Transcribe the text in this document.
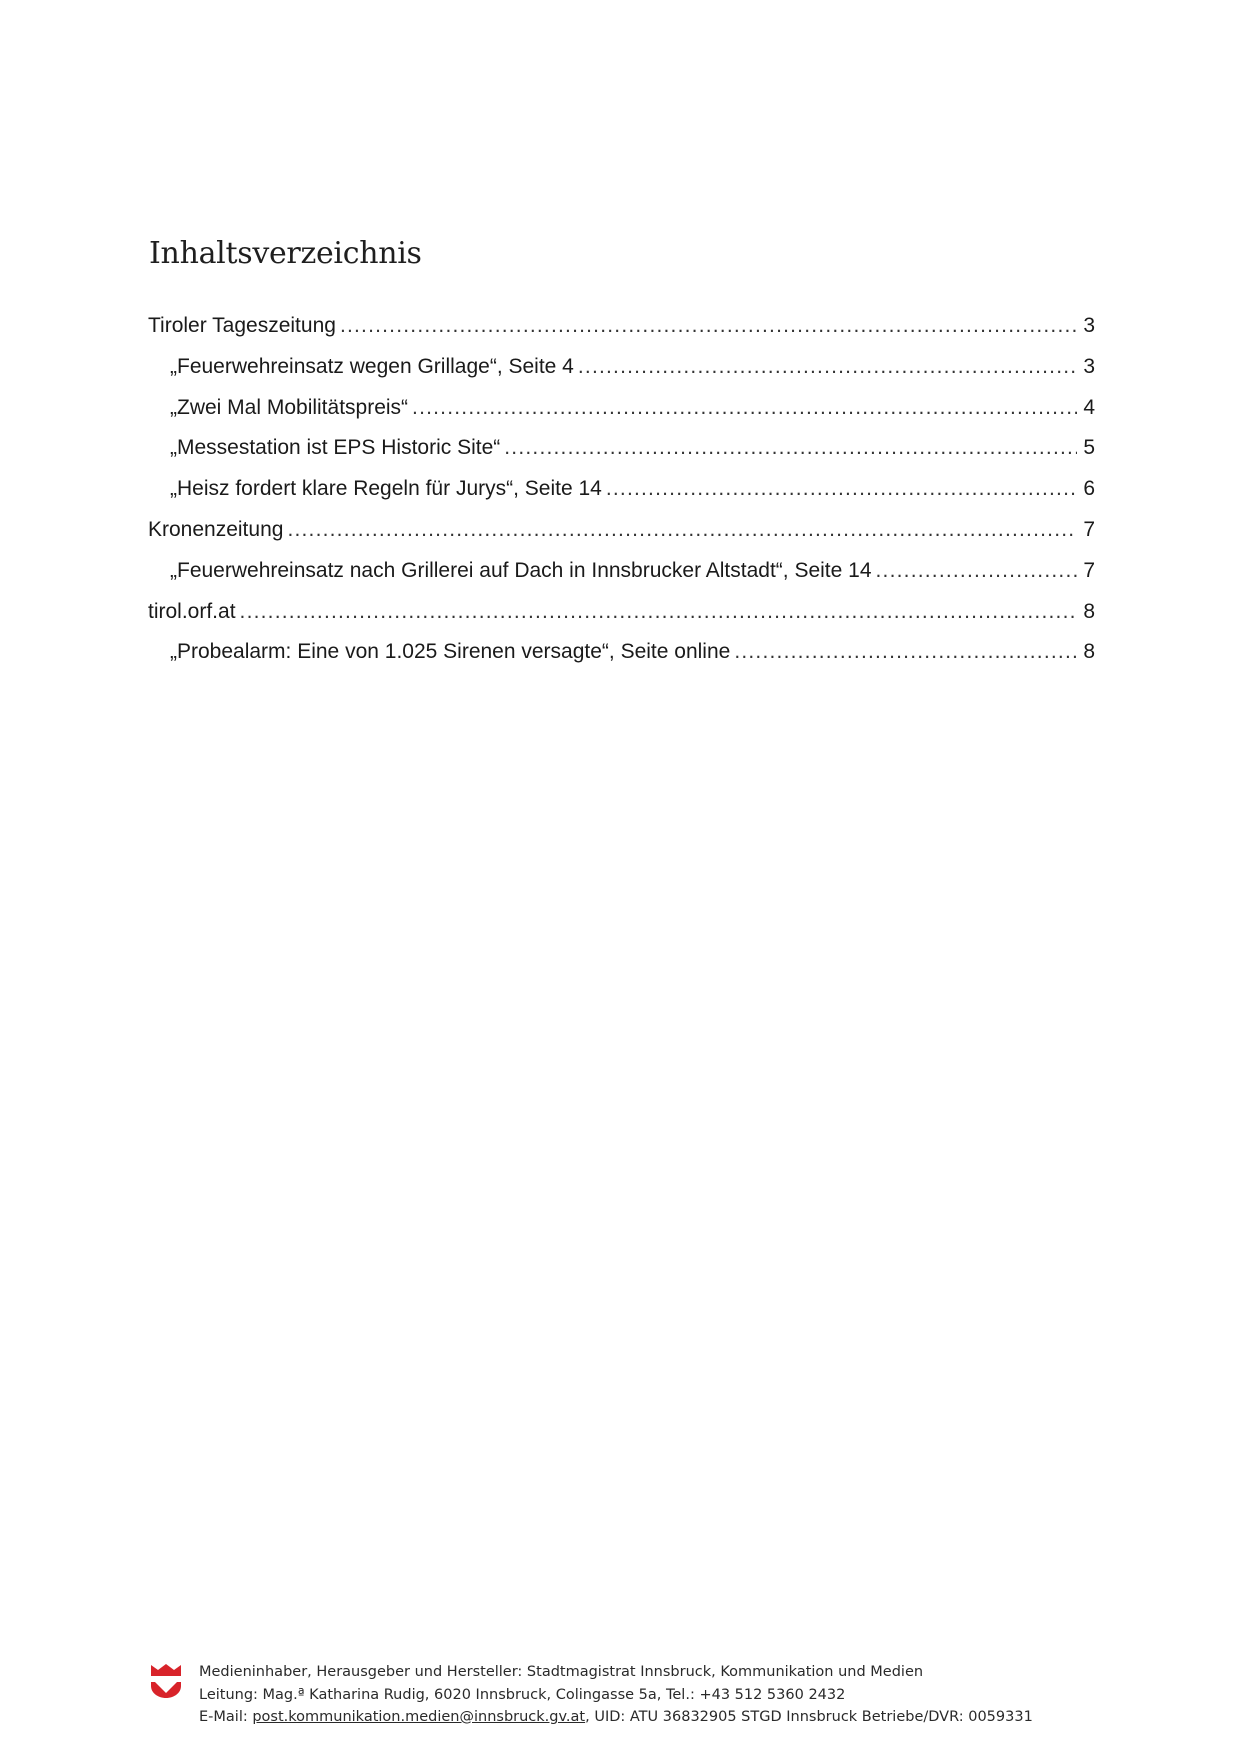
Inhaltsverzeichnis
Tiroler Tageszeitung .....	3
„Feuerwehreinsatz wegen Grillage“, Seite 4 .....	3
„Zwei Mal Mobilitätspreis“ .....	4
„Messestation ist EPS Historic Site“ .....	5
„Heisz fordert klare Regeln für Jurys“, Seite 14 .....	6
Kronenzeitung .....	7
„Feuerwehreinsatz nach Grillerei auf Dach in Innsbrucker Altstadt“, Seite 14 .....	7
tirol.orf.at .....	8
„Probealarm: Eine von 1.025 Sirenen versagte“, Seite online .....	8
Medieninhaber, Herausgeber und Hersteller: Stadtmagistrat Innsbruck, Kommunikation und Medien
Leitung: Mag.ª Katharina Rudig, 6020 Innsbruck, Colingasse 5a, Tel.: +43 512 5360 2432
E-Mail: post.kommunikation.medien@innsbruck.gv.at, UID: ATU 36832905 STGD Innsbruck Betriebe/DVR: 0059331
